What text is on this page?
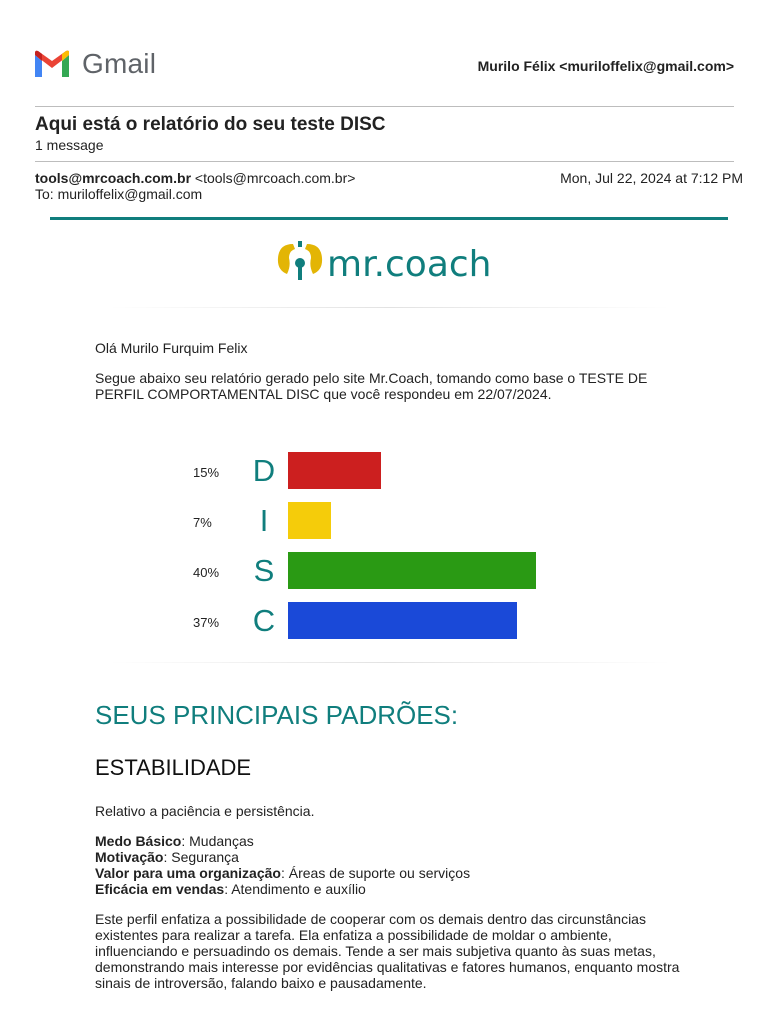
Gmail	Murilo Félix <muriloffelix@gmail.com>
Aqui está o relatório do seu teste DISC
1 message
tools@mrcoach.com.br <tools@mrcoach.com.br>	Mon, Jul 22, 2024 at 7:12 PM
To: muriloffelix@gmail.com
mr.coach
Olá Murilo Furquim Felix
Segue abaixo seu relatório gerado pelo site Mr.Coach, tomando como base o TESTE DE PERFIL COMPORTAMENTAL DISC que você respondeu em 22/07/2024.
15% D
7%	I
40% S
37% C
SEUS PRINCIPAIS PADRÕES:
ESTABILIDADE
Relativo a paciência e persistência.
Medo Básico: Mudanças
Motivação: Segurança
Valor para uma organização: Áreas de suporte ou serviços
Eficácia em vendas: Atendimento e auxílio
Este perfil enfatiza a possibilidade de cooperar com os demais dentro das circunstâncias existentes para realizar a tarefa. Ela enfatiza a possibilidade de moldar o ambiente, influenciando e persuadindo os demais. Tende a ser mais subjetiva quanto às suas metas, demonstrando mais interesse por evidências qualitativas e fatores humanos, enquanto mostra sinais de introversão, falando baixo e pausadamente.
